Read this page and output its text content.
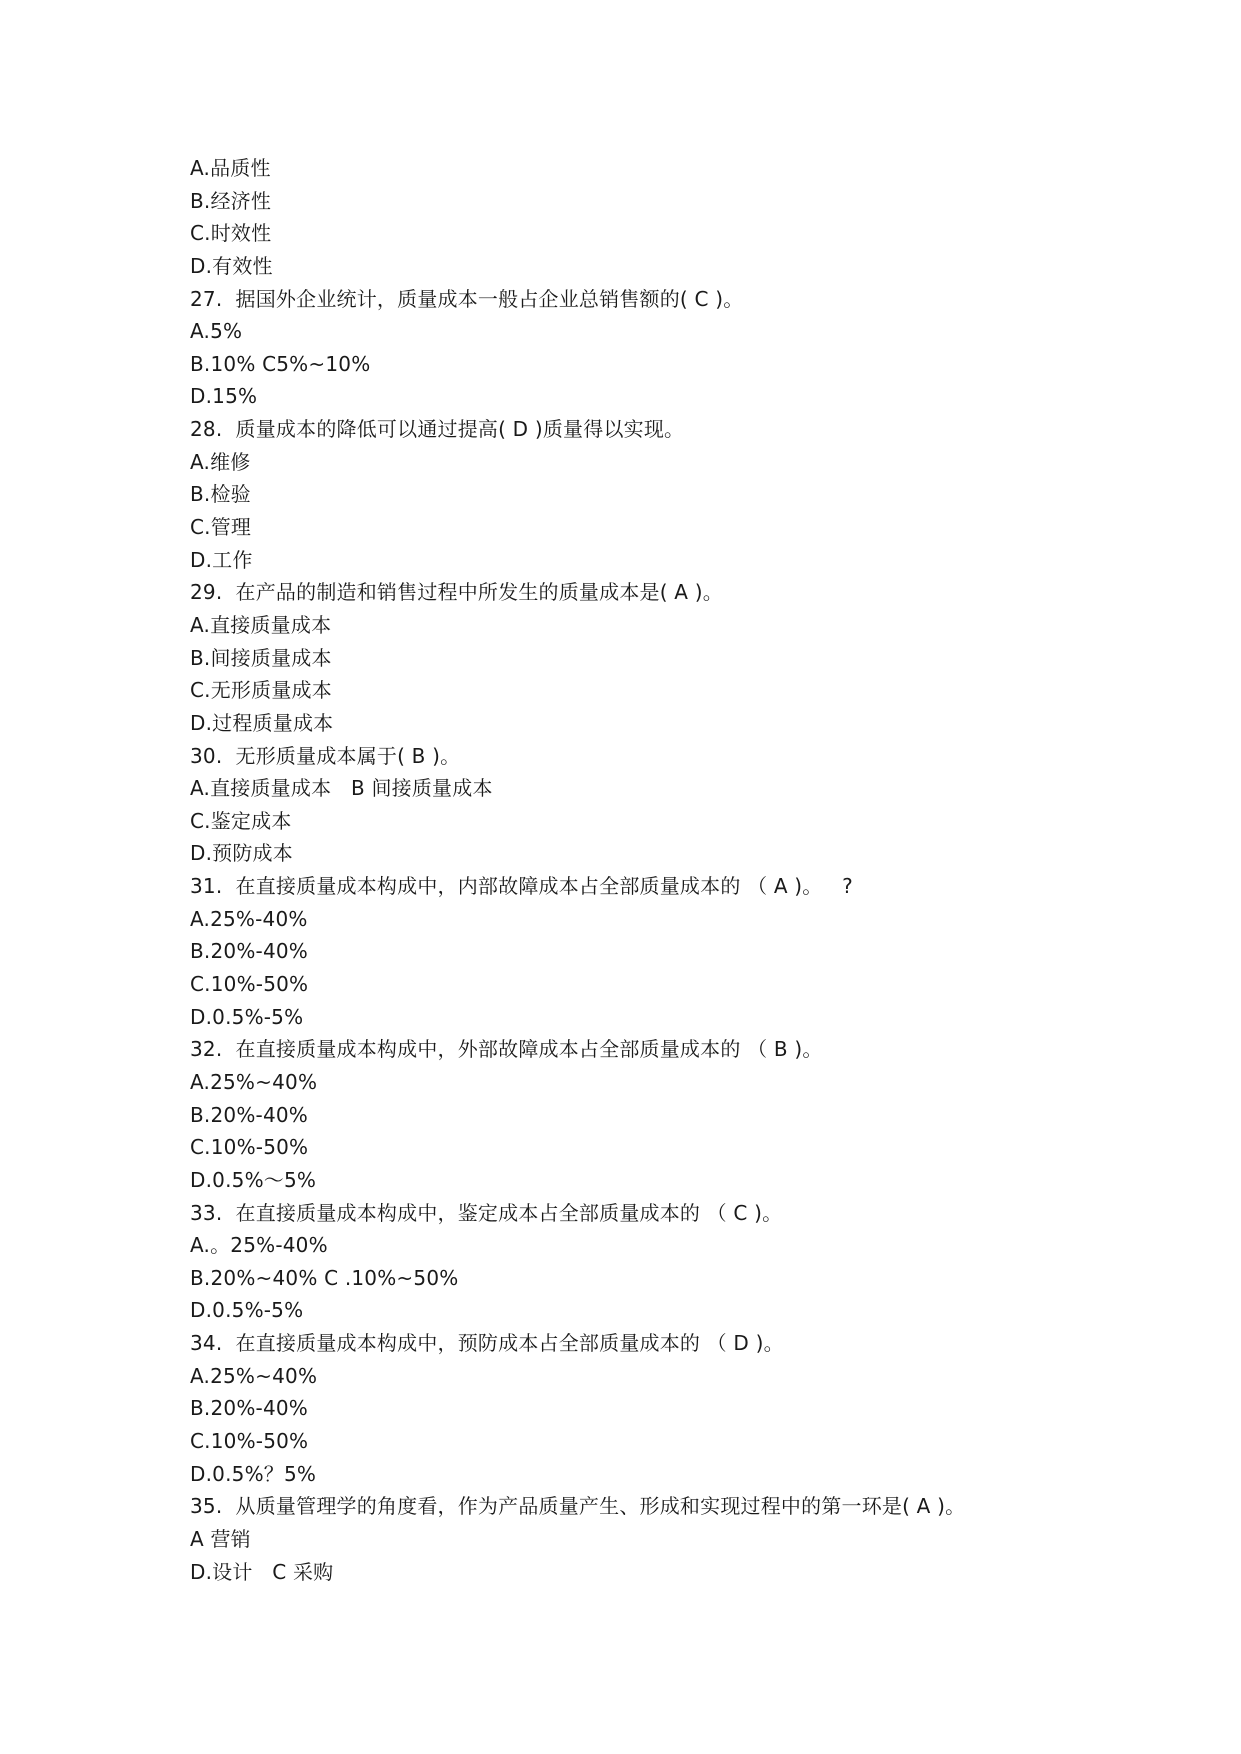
A.品质性
B.经济性
C.时效性
D.有效性
27.  据国外企业统计，质量成本一般占企业总销售额的( C )。
A.5%
B.10% C5%~10%
D.15%
28.  质量成本的降低可以通过提高( D )质量得以实现。
A.维修
B.检验
C.管理
D.工作
29.  在产品的制造和销售过程中所发生的质量成本是( A )。
A.直接质量成本
B.间接质量成本
C.无形质量成本
D.过程质量成本
30.  无形质量成本属于( B )。
A.直接质量成本   B 间接质量成本
C.鉴定成本
D.预防成本
31.  在直接质量成本构成中，内部故障成本占全部质量成本的 （ A )。   ?
A.25%-40%
B.20%-40%
C.10%-50%
D.0.5%-5%
32.  在直接质量成本构成中，外部故障成本占全部质量成本的 （ B )。
A.25%~40%
B.20%-40%
C.10%-50%
D.0.5%～5%
33.  在直接质量成本构成中，鉴定成本占全部质量成本的 （ C )。
A.。25%-40%
B.20%~40% C .10%~50%
D.0.5%-5%
34.  在直接质量成本构成中，预防成本占全部质量成本的 （ D )。
A.25%~40%
B.20%-40%
C.10%-50%
D.0.5%？5%
35.  从质量管理学的角度看，作为产品质量产生、形成和实现过程中的第一环是( A )。
A 营销
D.设计   C 采购
